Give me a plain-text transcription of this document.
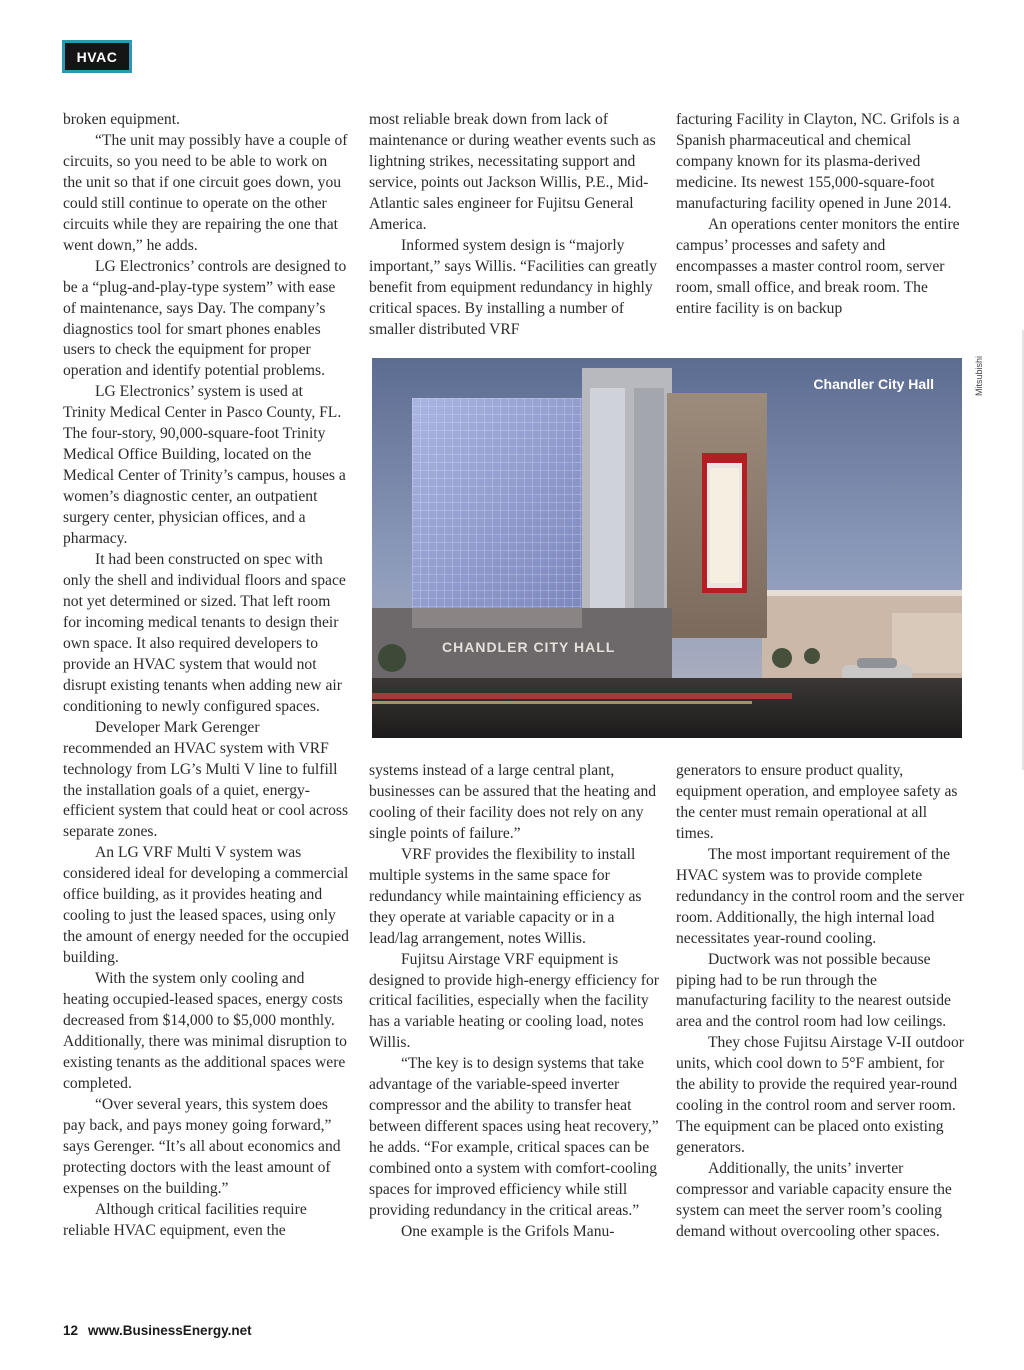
HVAC

broken equipment.

“The unit may possibly have a couple of circuits, so you need to be able to work on the unit so that if one circuit goes down, you could still continue to operate on the other circuits while they are repairing the one that went down,” he adds.

LG Electronics’ controls are designed to be a “plug-and-play-type system” with ease of maintenance, says Day. The company’s diagnostics tool for smart phones enables users to check the equipment for proper operation and identify potential problems.

LG Electronics’ system is used at Trinity Medical Center in Pasco County, FL. The four-story, 90,000-square-foot Trinity Medical Office Building, located on the Medical Center of Trinity’s campus, houses a women’s diagnostic center, an outpatient surgery center, physician offices, and a pharmacy.

It had been constructed on spec with only the shell and individual floors and space not yet determined or sized. That left room for incoming medical tenants to design their own space. It also required developers to provide an HVAC system that would not disrupt existing tenants when adding new air conditioning to newly configured spaces.

Developer Mark Gerenger recommended an HVAC system with VRF technology from LG’s Multi V line to fulfill the installation goals of a quiet, energy-efficient system that could heat or cool across separate zones.

An LG VRF Multi V system was considered ideal for developing a commercial office building, as it provides heating and cooling to just the leased spaces, using only the amount of energy needed for the occupied building.

With the system only cooling and heating occupied-leased spaces, energy costs decreased from $14,000 to $5,000 monthly. Additionally, there was minimal disruption to existing tenants as the additional spaces were completed.

“Over several years, this system does pay back, and pays money going forward,” says Gerenger. “It’s all about economics and protecting doctors with the least amount of expenses on the building.”

Although critical facilities require reliable HVAC equipment, even the

most reliable break down from lack of maintenance or during weather events such as lightning strikes, necessitating support and service, points out Jackson Willis, P.E., Mid-Atlantic sales engineer for Fujitsu General America.

Informed system design is “majorly important,” says Willis. “Facilities can greatly benefit from equipment redundancy in highly critical spaces. By installing a number of smaller distributed VRF

facturing Facility in Clayton, NC. Grifols is a Spanish pharmaceutical and chemical company known for its plasma-derived medicine. Its newest 155,000-square-foot manufacturing facility opened in June 2014.

An operations center monitors the entire campus’ processes and safety and encompasses a master control room, server room, small office, and break room. The entire facility is on backup

CHANDLER CITY HALL
Chandler City Hall	Mitsubishi

systems instead of a large central plant, businesses can be assured that the heating and cooling of their facility does not rely on any single points of failure.”

VRF provides the flexibility to install multiple systems in the same space for redundancy while maintaining efficiency as they operate at variable capacity or in a lead/lag arrangement, notes Willis.

Fujitsu Airstage VRF equipment is designed to provide high-energy efficiency for critical facilities, especially when the facility has a variable heating or cooling load, notes Willis.

“The key is to design systems that take advantage of the variable-speed inverter compressor and the ability to transfer heat between different spaces using heat recovery,” he adds. “For example, critical spaces can be combined onto a system with comfort-cooling spaces for improved efficiency while still providing redundancy in the critical areas.”

One example is the Grifols Manu-

generators to ensure product quality, equipment operation, and employee safety as the center must remain operational at all times.

The most important requirement of the HVAC system was to provide complete redundancy in the control room and the server room. Additionally, the high internal load necessitates year-round cooling.

Ductwork was not possible because piping had to be run through the manufacturing facility to the nearest outside area and the control room had low ceilings.

They chose Fujitsu Airstage V-II outdoor units, which cool down to 5°F ambient, for the ability to provide the required year-round cooling in the control room and server room. The equipment can be placed onto existing generators.

Additionally, the units’ inverter compressor and variable capacity ensure the system can meet the server room’s cooling demand without overcooling other spaces.

12 www.BusinessEnergy.net
